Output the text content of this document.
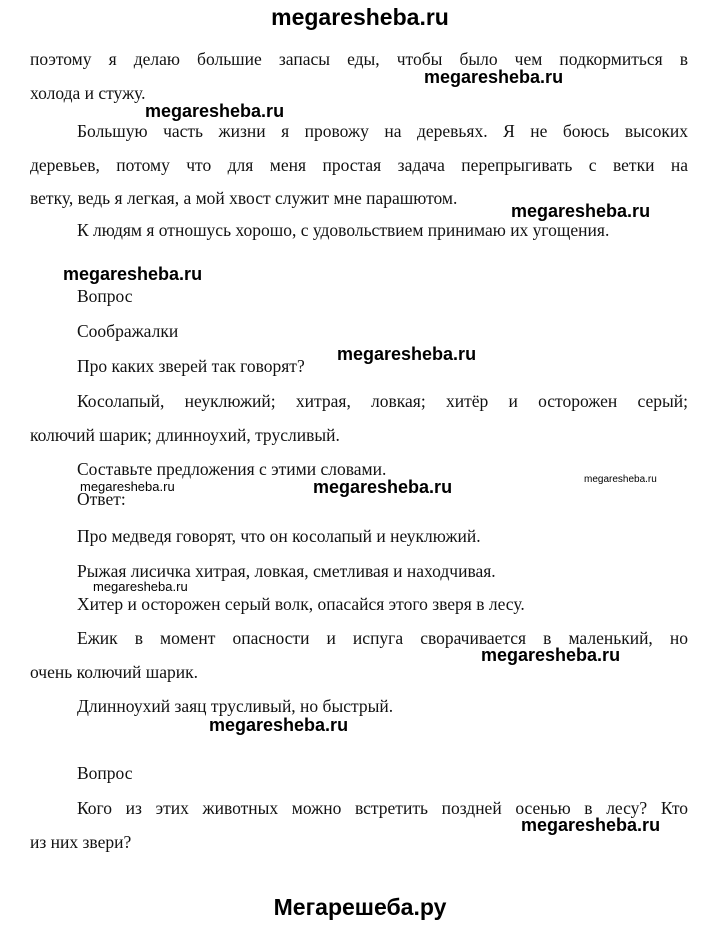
megaresheba.ru
поэтому я делаю большие запасы еды, чтобы было чем подкормиться в
холода и стужу.
Большую часть жизни я провожу на деревьях. Я не боюсь высоких
деревьев, потому что для меня простая задача перепрыгивать с ветки на
ветку, ведь я легкая, а мой хвост служит мне парашютом.
К людям я отношусь хорошо, с удовольствием принимаю их угощения.
Вопрос
Соображалки
Про каких зверей так говорят?
Косолапый, неуклюжий; хитрая, ловкая; хитёр и осторожен серый;
колючий шарик; длинноухий, трусливый.
Составьте предложения с этими словами.
Ответ:
Про медведя говорят, что он косолапый и неуклюжий.
Рыжая лисичка хитрая, ловкая, сметливая и находчивая.
Хитер и осторожен серый волк, опасайся этого зверя в лесу.
Ежик в момент опасности и испуга сворачивается в маленький, но
очень колючий шарик.
Длинноухий заяц трусливый, но быстрый.
Вопрос
Кого из этих животных можно встретить поздней осенью в лесу? Кто
из них звери?
megaresheba.ru
megaresheba.ru
megaresheba.ru
megaresheba.ru
megaresheba.ru
megaresheba.ru
megaresheba.ru	megaresheba.ru
megaresheba.ru
megaresheba.ru
megaresheba.ru
megaresheba.ru
Мегарешеба.ру
